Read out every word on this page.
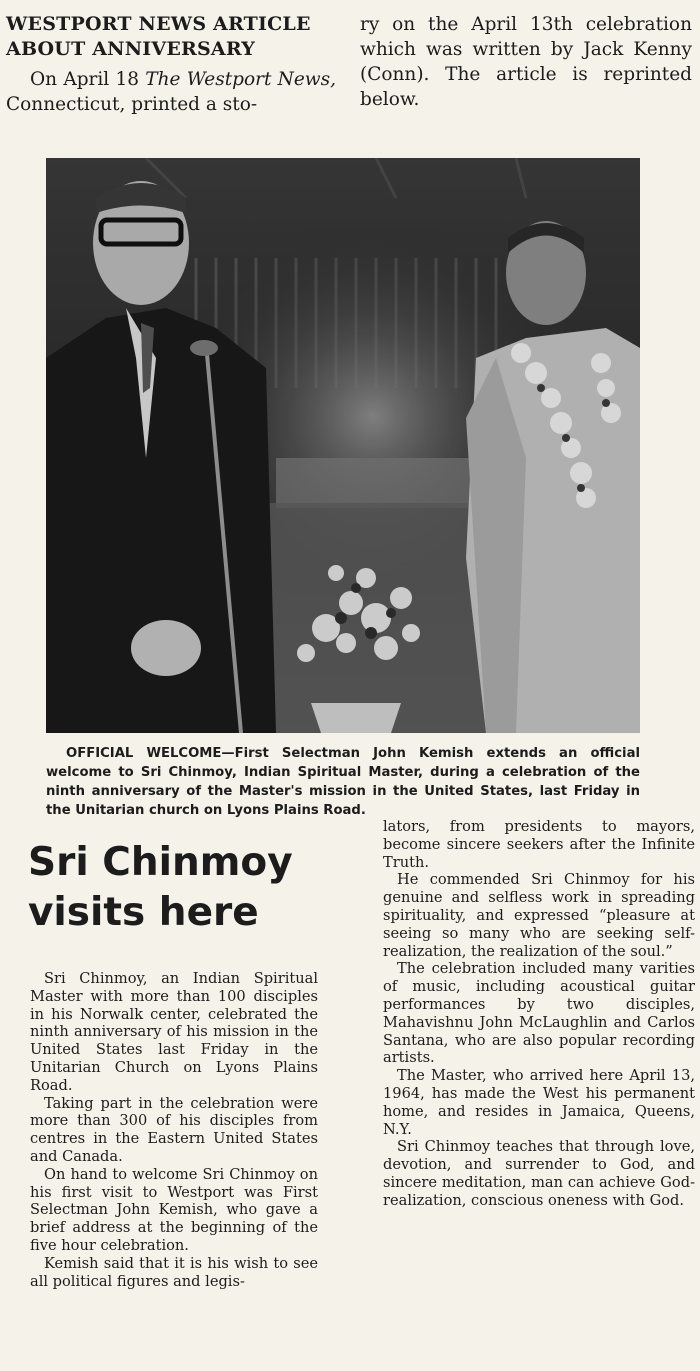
WESTPORT NEWS ARTICLE
ABOUT ANNIVERSARY

On April 18 The Westport News, Connecticut, printed a sto-

ry on the April 13th celebration which was written by Jack Kenny (Conn). The article is reprinted below.

OFFICIAL WELCOME—First Selectman John Kemish extends an official welcome to Sri Chinmoy, Indian Spiritual Master, during a celebration of the ninth anniversary of the Master's mission in the United States, last Friday in the Unitarian church on Lyons Plains Road.
Sri Chinmoy
visits here

Sri Chinmoy, an Indian Spiritual Master with more than 100 disciples in his Norwalk center, celebrated the ninth anniversary of his mission in the United States last Friday in the Unitarian Church on Lyons Plains Road.

Taking part in the celebration were more than 300 of his disciples from centres in the Eastern United States and Canada.

On hand to welcome Sri Chinmoy on his first visit to Westport was First Selectman John Kemish, who gave a brief address at the beginning of the five hour celebration.

Kemish said that it is his wish to see all political figures and legis-

lators, from presidents to mayors, become sincere seekers after the Infinite Truth.

He commended Sri Chinmoy for his genuine and selfless work in spreading spirituality, and expressed “pleasure at seeing so many who are seeking self-realization, the realization of the soul.”

The celebration included many varities of music, including acoustical guitar performances by two disciples, Mahavishnu John McLaughlin and Carlos Santana, who are also popular recording artists.

The Master, who arrived here April 13, 1964, has made the West his permanent home, and resides in Jamaica, Queens, N.Y.

Sri Chinmoy teaches that through love, devotion, and surrender to God, and sincere meditation, man can achieve God-realization, conscious oneness with God.
